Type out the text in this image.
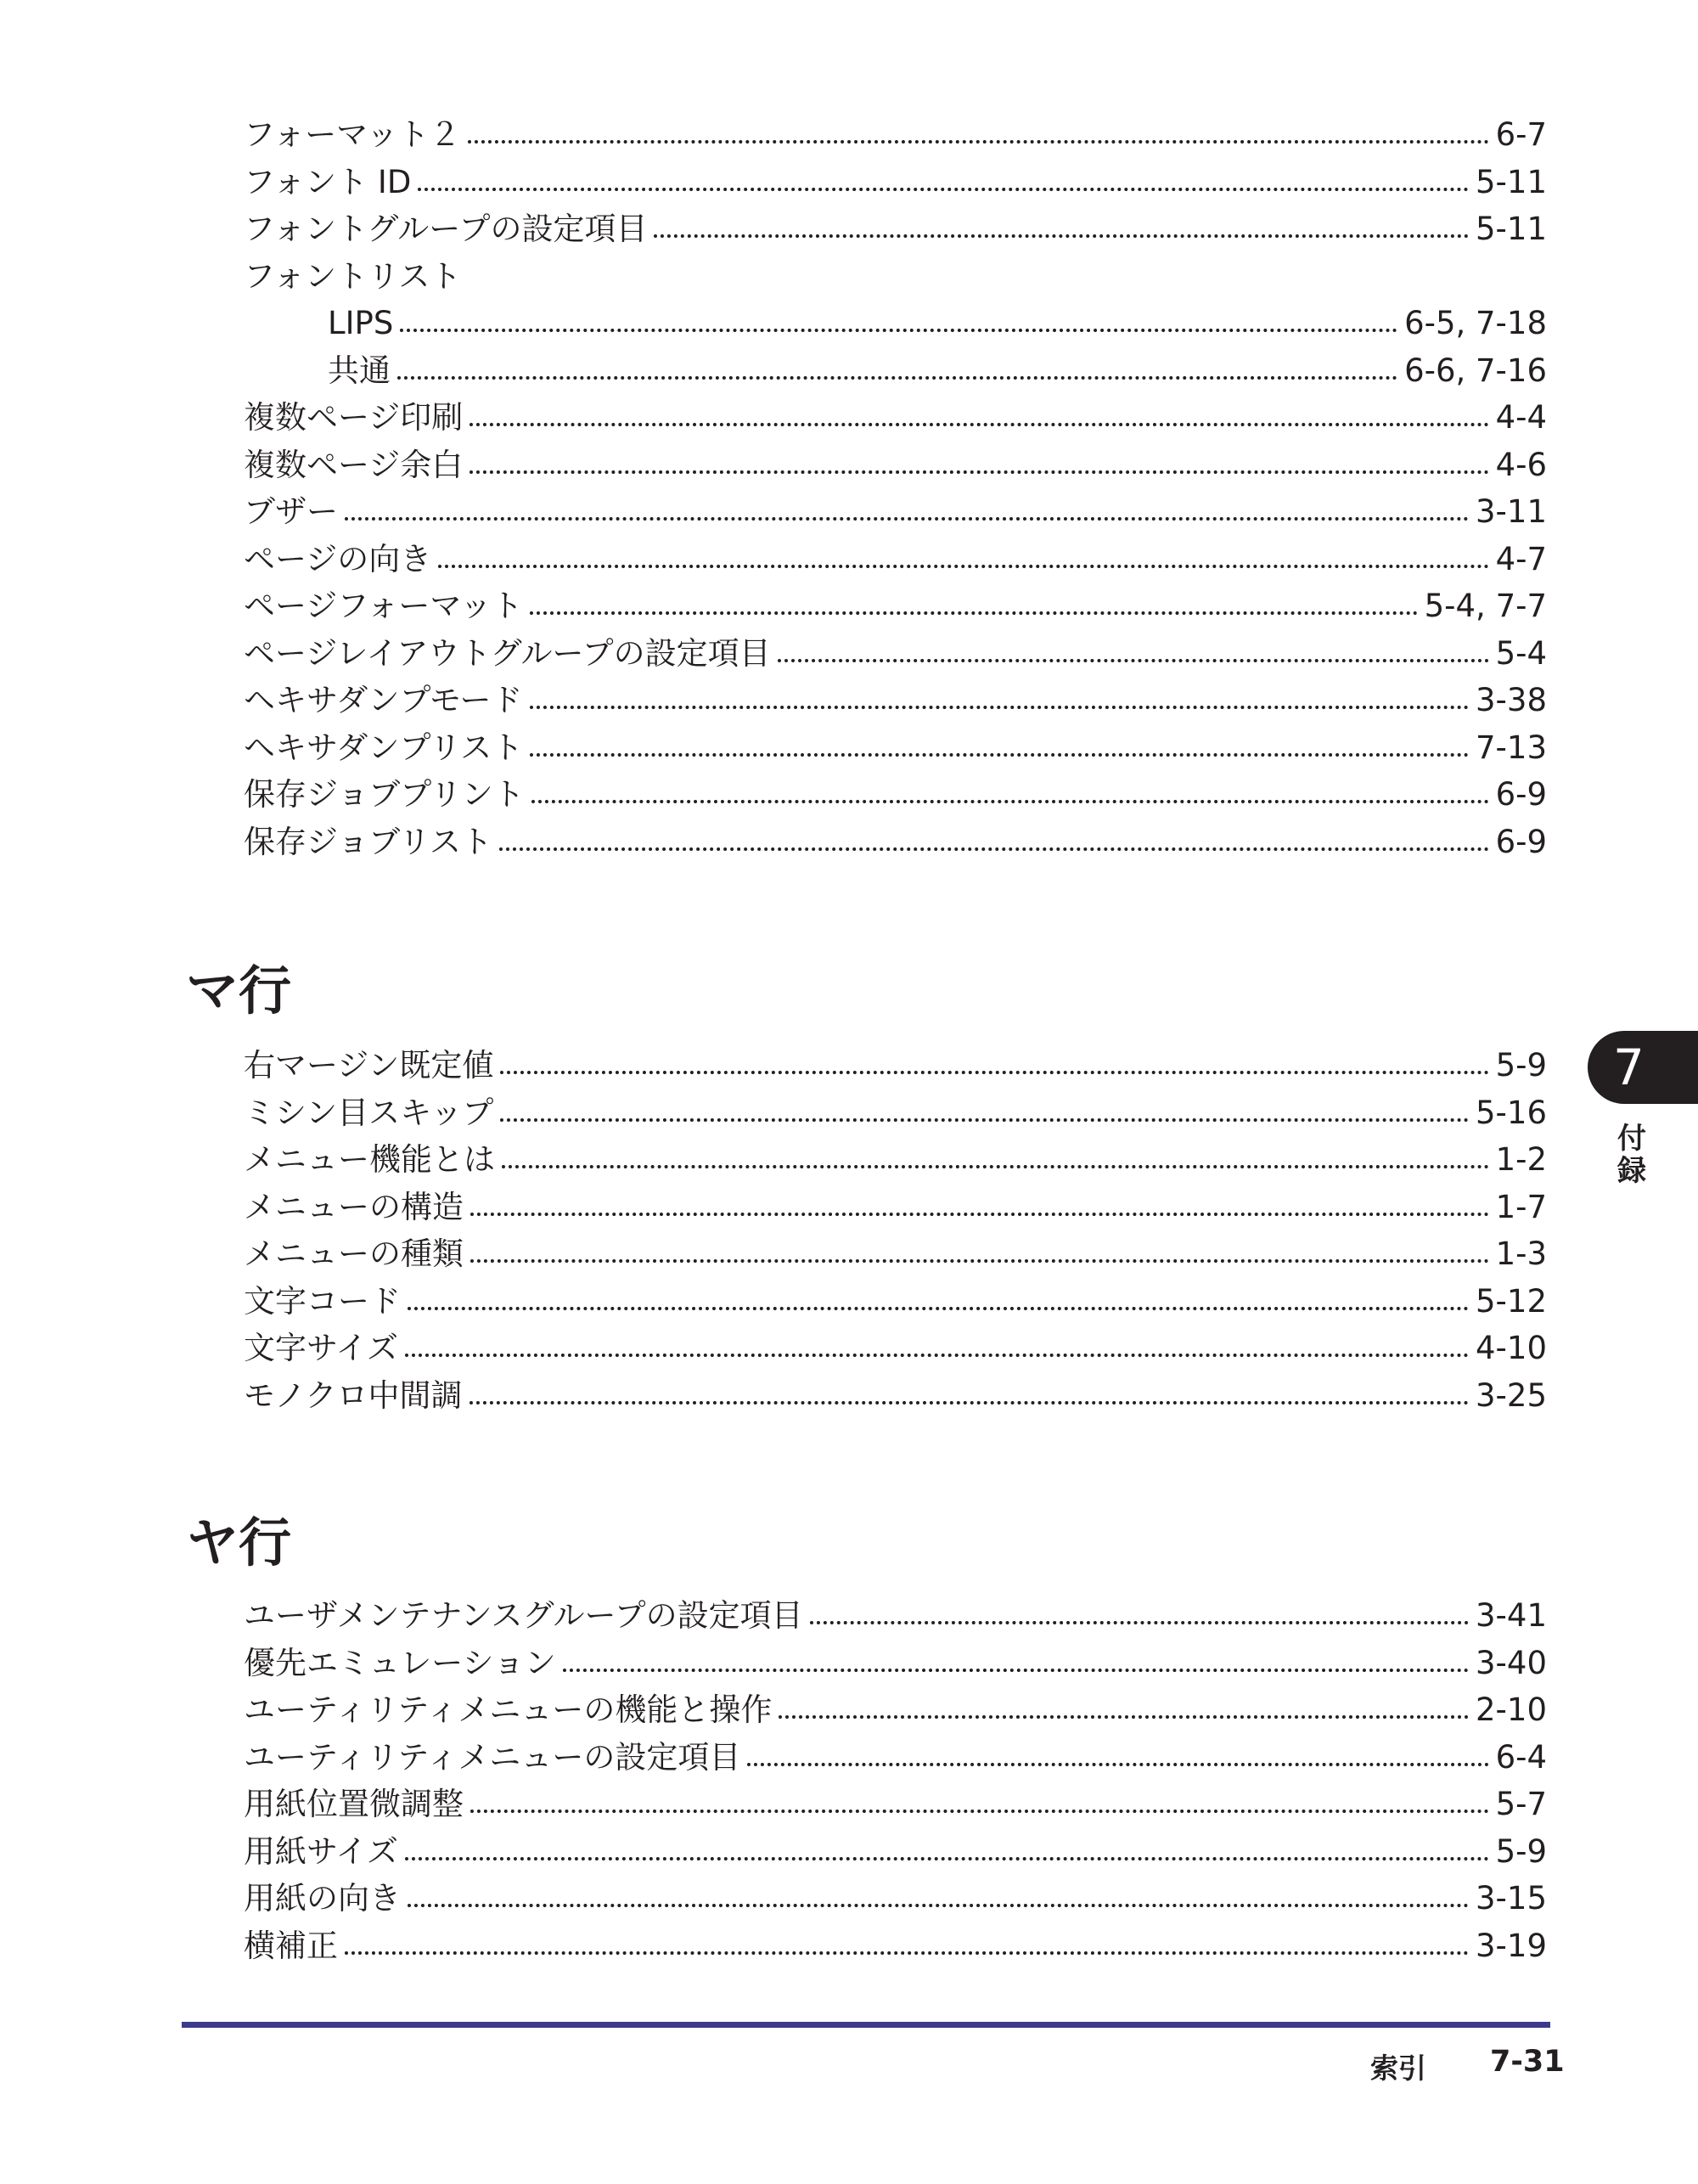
フォーマット２	6-7
フォント ID	5-11
フォントグループの設定項目	5-11
フォントリスト
LIPS	6-5, 7-18
共通	6-6, 7-16
複数ページ印刷	4-4
複数ページ余白	4-6
ブザー	3-11
ページの向き	4-7
ページフォーマット	5-4, 7-7
ページレイアウトグループの設定項目	5-4
ヘキサダンプモード	3-38
ヘキサダンプリスト	7-13
保存ジョブプリント	6-9
保存ジョブリスト	6-9
マ行
右マージン既定値	5-9
ミシン目スキップ	5-16
メニュー機能とは	1-2
メニューの構造	1-7
メニューの種類	1-3
文字コード	5-12
文字サイズ	4-10
モノクロ中間調	3-25
ヤ行
ユーザメンテナンスグループの設定項目	3-41
優先エミュレーション	3-40
ユーティリティメニューの機能と操作	2-10
ユーティリティメニューの設定項目	6-4
用紙位置微調整	5-7
用紙サイズ	5-9
用紙の向き	3-15
横補正	3-19
7
付録
索引 7-31
